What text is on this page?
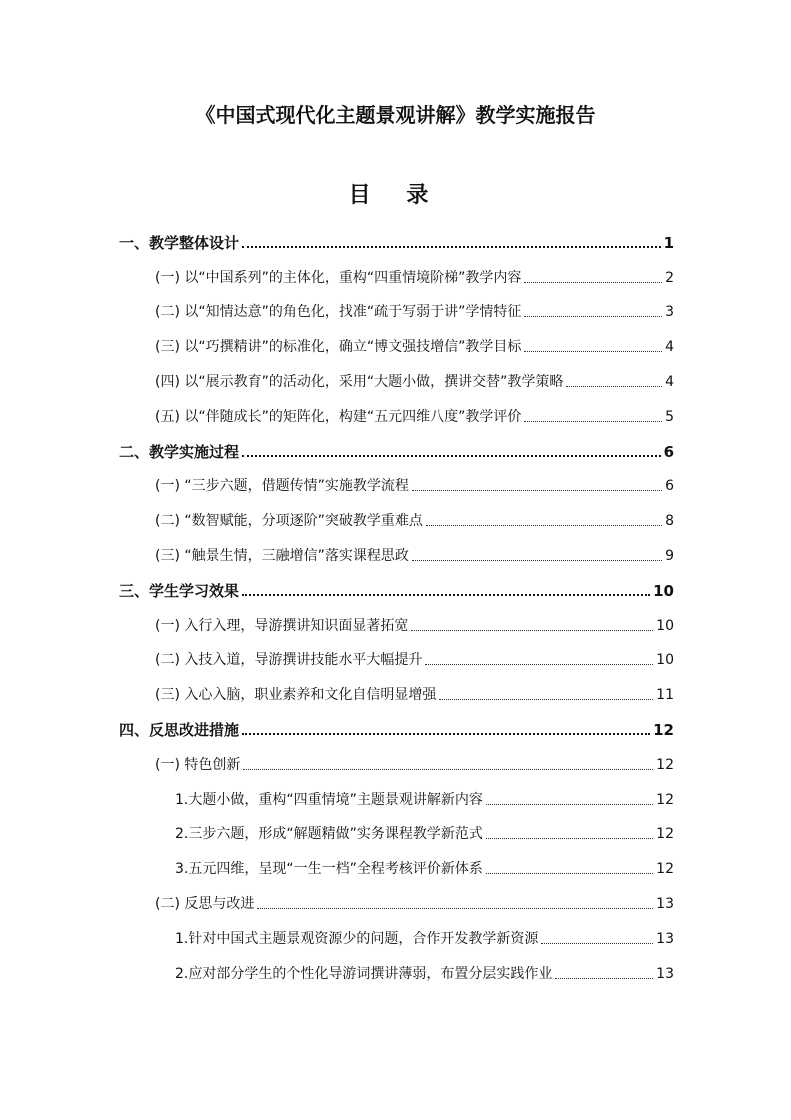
《中国式现代化主题景观讲解》教学实施报告
目 录
一、教学整体设计	1
(一) 以“中国系列”的主体化，重构“四重情境阶梯”教学内容	2
(二) 以“知情达意”的角色化，找准“疏于写弱于讲”学情特征	3
(三) 以“巧撰精讲”的标准化，确立“博文强技增信”教学目标	4
(四) 以“展示教育”的活动化，采用“大题小做，撰讲交替”教学策略	4
(五) 以“伴随成长”的矩阵化，构建“五元四维八度”教学评价	5
二、教学实施过程	6
(一) “三步六题，借题传情”实施教学流程	6
(二) “数智赋能，分项逐阶”突破教学重难点	8
(三) “触景生情，三融增信”落实课程思政	9
三、学生学习效果	10
(一) 入行入理，导游撰讲知识面显著拓宽	10
(二) 入技入道，导游撰讲技能水平大幅提升	10
(三) 入心入脑，职业素养和文化自信明显增强	11
四、反思改进措施	12
(一) 特色创新	12
1.大题小做，重构“四重情境”主题景观讲解新内容	12
2.三步六题，形成“解题精做”实务课程教学新范式	12
3.五元四维，呈现“一生一档”全程考核评价新体系	12
(二) 反思与改进	13
1.针对中国式主题景观资源少的问题，合作开发教学新资源	13
2.应对部分学生的个性化导游词撰讲薄弱，布置分层实践作业	13
